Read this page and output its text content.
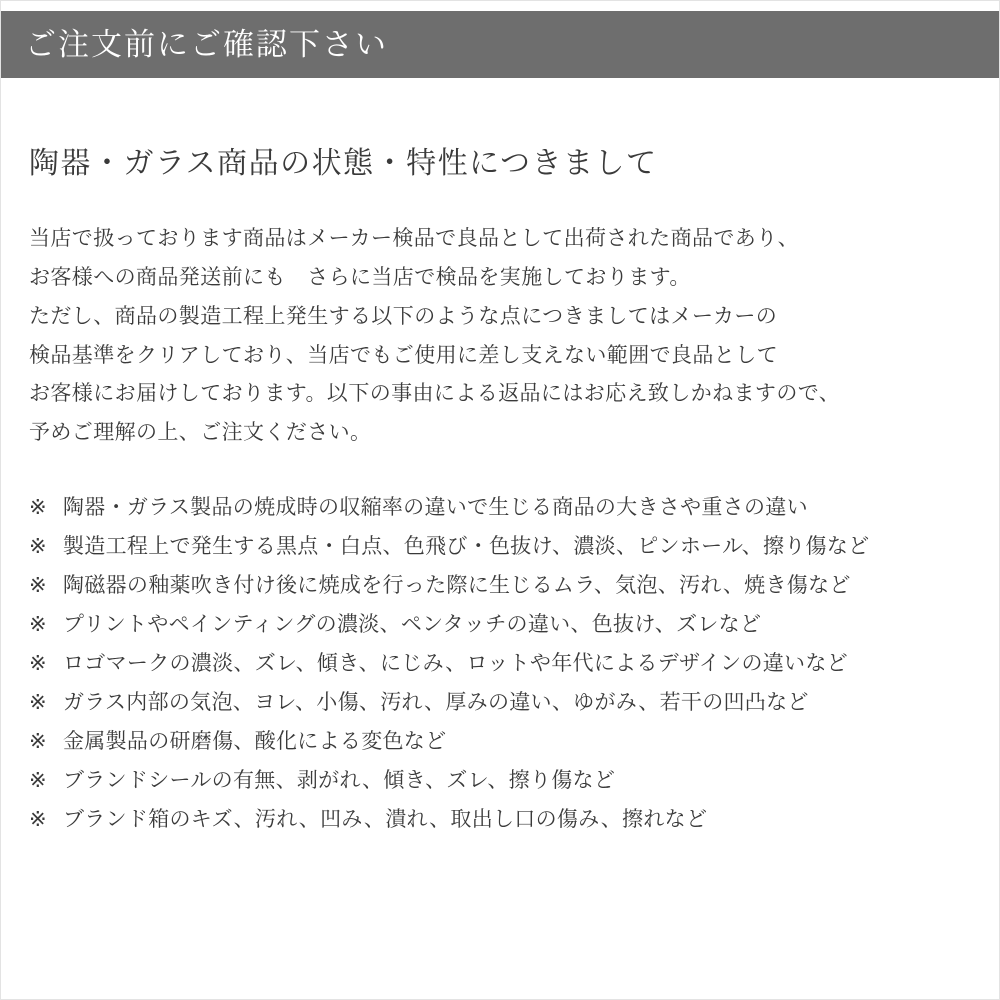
ご注文前にご確認下さい
陶器・ガラス商品の状態・特性につきまして

当店で扱っております商品はメーカー検品で良品として出荷された商品であり、
お客様への商品発送前にも　さらに当店で検品を実施しております。
ただし、商品の製造工程上発生する以下のような点につきましてはメーカーの
検品基準をクリアしており、当店でもご使用に差し支えない範囲で良品として
お客様にお届けしております。以下の事由による返品にはお応え致しかねますので、
予めご理解の上、ご注文ください。

※ 陶器・ガラス製品の焼成時の収縮率の違いで生じる商品の大きさや重さの違い
※ 製造工程上で発生する黒点・白点、色飛び・色抜け、濃淡、ピンホール、擦り傷など
※ 陶磁器の釉薬吹き付け後に焼成を行った際に生じるムラ、気泡、汚れ、焼き傷など
※ プリントやペインティングの濃淡、ペンタッチの違い、色抜け、ズレなど
※ ロゴマークの濃淡、ズレ、傾き、にじみ、ロットや年代によるデザインの違いなど
※ ガラス内部の気泡、ヨレ、小傷、汚れ、厚みの違い、ゆがみ、若干の凹凸など
※ 金属製品の研磨傷、酸化による変色など
※ ブランドシールの有無、剥がれ、傾き、ズレ、擦り傷など
※ ブランド箱のキズ、汚れ、凹み、潰れ、取出し口の傷み、擦れなど
